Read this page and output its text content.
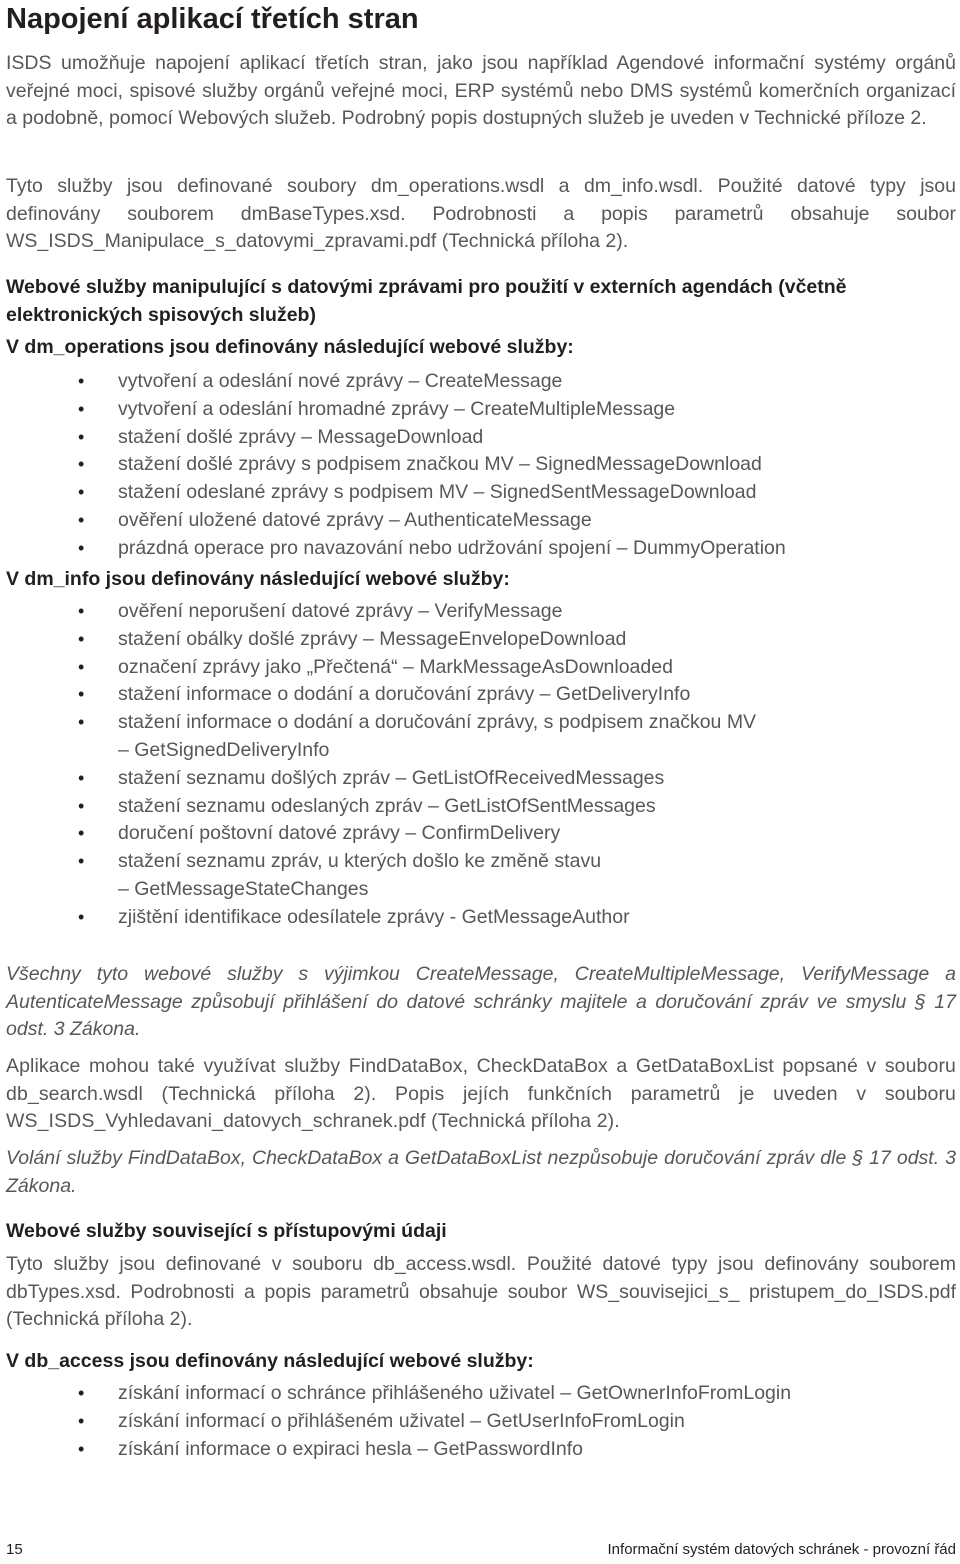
Napojení aplikací třetích stran
ISDS umožňuje napojení aplikací třetích stran, jako jsou například Agendové informační systémy orgánů veřejné moci, spisové služby orgánů veřejné moci, ERP systémů nebo DMS systémů komerčních organizací a podobně, pomocí Webových služeb. Podrobný popis dostupných služeb je uveden v Technické příloze 2.
Tyto služby jsou definované soubory dm_operations.wsdl a dm_info.wsdl. Použité datové typy jsou definovány souborem dmBaseTypes.xsd. Podrobnosti a popis parametrů obsahuje soubor WS_ISDS_Manipulace_s_datovymi_zpravami.pdf (Technická příloha 2).
Webové služby manipulující s datovými zprávami pro použití v externích agendách (včetně elektronických spisových služeb)
V dm_operations jsou definovány následující webové služby:
• vytvoření a odeslání nové zprávy – CreateMessage
• vytvoření a odeslání hromadné zprávy – CreateMultipleMessage
• stažení došlé zprávy – MessageDownload
• stažení došlé zprávy s podpisem značkou MV – SignedMessageDownload
• stažení odeslané zprávy s podpisem MV – SignedSentMessageDownload
• ověření uložené datové zprávy – AuthenticateMessage
• prázdná operace pro navazování nebo udržování spojení – DummyOperation
V dm_info jsou definovány následující webové služby:
• ověření neporušení datové zprávy – VerifyMessage
• stažení obálky došlé zprávy – MessageEnvelopeDownload
• označení zprávy jako „Přečtená“ – MarkMessageAsDownloaded
• stažení informace o dodání a doručování zprávy – GetDeliveryInfo
• stažení informace o dodání a doručování zprávy, s podpisem značkou MV
– GetSignedDeliveryInfo
• stažení seznamu došlých zpráv – GetListOfReceivedMessages
• stažení seznamu odeslaných zpráv – GetListOfSentMessages
• doručení poštovní datové zprávy – ConfirmDelivery
• stažení seznamu zpráv, u kterých došlo ke změně stavu
– GetMessageStateChanges
• zjištění identifikace odesílatele zprávy - GetMessageAuthor
Všechny tyto webové služby s výjimkou CreateMessage, CreateMultipleMessage, VerifyMessage a AutenticateMessage způsobují přihlášení do datové schránky majitele a doručování zpráv ve smyslu § 17 odst. 3 Zákona.
Aplikace mohou také využívat služby FindDataBox, CheckDataBox a GetDataBoxList popsané v souboru db_search.wsdl (Technická příloha 2). Popis jejích funkčních parametrů je uveden v souboru WS_ISDS_Vyhledavani_datovych_schranek.pdf (Technická příloha 2).
Volání služby FindDataBox, CheckDataBox a GetDataBoxList nezpůsobuje doručování zpráv dle § 17 odst. 3 Zákona.
Webové služby související s přístupovými údaji
Tyto služby jsou definované v souboru db_access.wsdl. Použité datové typy jsou definovány souborem dbTypes.xsd. Podrobnosti a popis parametrů obsahuje soubor WS_souvisejici_s_ pristupem_do_ISDS.pdf (Technická příloha 2).
V db_access jsou definovány následující webové služby:
• získání informací o schránce přihlášeného uživatel – GetOwnerInfoFromLogin
• získání informací o přihlášeném uživatel – GetUserInfoFromLogin
• získání informace o expiraci hesla – GetPasswordInfo
15	Informační systém datových schránek - provozní řád
